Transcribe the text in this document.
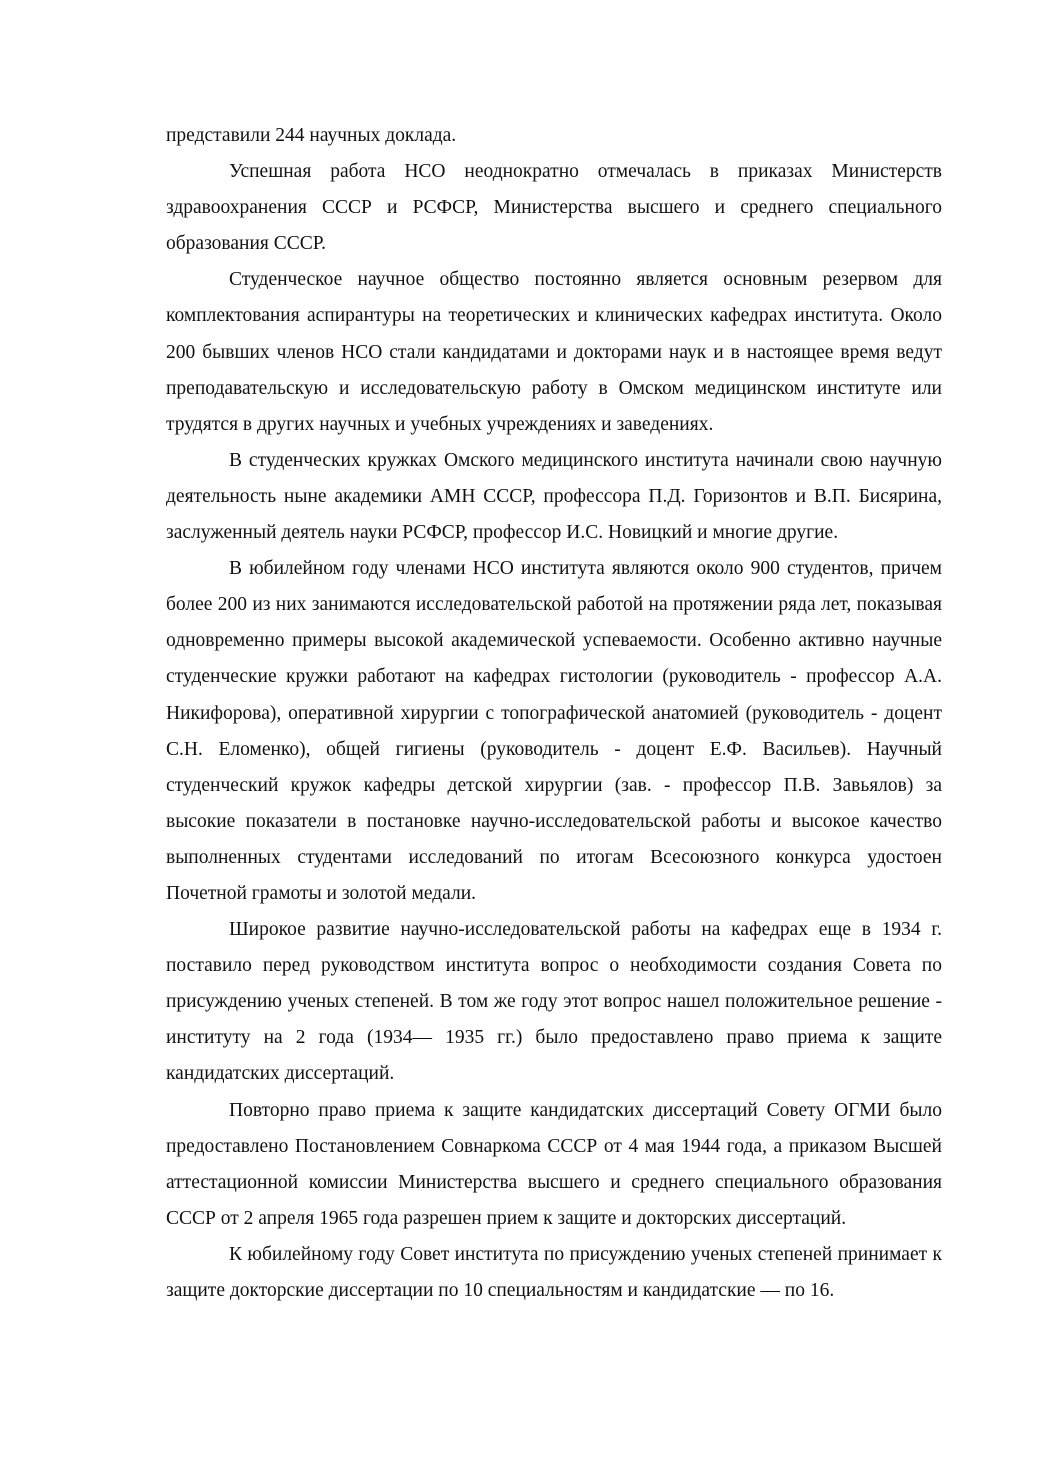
представили 244 научных доклада.

Успешная работа НСО неоднократно отмечалась в приказах Министерств здравоохранения СССР и РСФСР, Министерства высшего и среднего специального образования СССР.

Студенческое научное общество постоянно является основным резервом для комплектования аспирантуры на теоретических и клинических кафедрах института. Около 200 бывших членов НСО стали кандидатами и докторами наук и в настоящее время ведут преподавательскую и исследовательскую работу в Омском медицинском институте или трудятся в других научных и учебных учреждениях и заведениях.

В студенческих кружках Омского медицинского института начинали свою научную деятельность ныне академики АМН СССР, профессора П.Д. Горизонтов и В.П. Бисярина, заслуженный деятель науки РСФСР, профессор И.С. Новицкий и многие другие.

В юбилейном году членами НСО института являются около 900 студентов, причем более 200 из них занимаются исследовательской работой на протяжении ряда лет, показывая одновременно примеры высокой академической успеваемости. Особенно активно научные студенческие кружки работают на кафедрах гистологии (руководитель - профессор А.А. Никифорова), оперативной хирургии с топографической анатомией (руководитель - доцент С.Н. Еломенко), общей гигиены (руководитель - доцент Е.Ф. Васильев). Научный студенческий кружок кафедры детской хирургии (зав. - профессор П.В. Завьялов) за высокие показатели в постановке научно-исследовательской работы и высокое качество выполненных студентами исследований по итогам Всесоюзного конкурса удостоен Почетной грамоты и золотой медали.

Широкое развитие научно-исследовательской работы на кафедрах еще в 1934 г. поставило перед руководством института вопрос о необходимости создания Совета по присуждению ученых степеней. В том же году этот вопрос нашел положительное решение - институту на 2 года (1934— 1935 гг.) было предоставлено право приема к защите кандидатских диссертаций.

Повторно право приема к защите кандидатских диссертаций Совету ОГМИ было предоставлено Постановлением Совнаркома СССР от 4 мая 1944 года, а приказом Высшей аттестационной комиссии Министерства высшего и среднего специального образования СССР от 2 апреля 1965 года разрешен прием к защите и докторских диссертаций.

К юбилейному году Совет института по присуждению ученых степеней принимает к защите докторские диссертации по 10 специальностям и кандидатские — по 16.
